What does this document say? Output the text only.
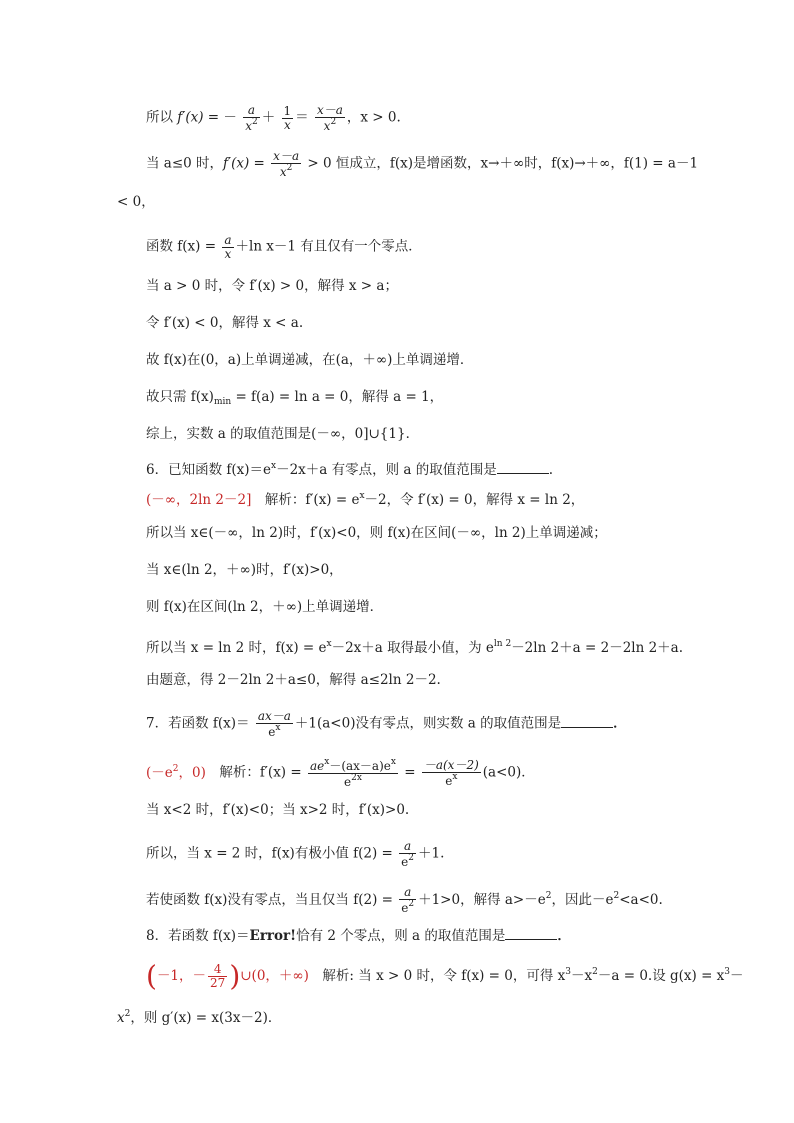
所以 f′(x) = － $\frac{a}{x^2} + \frac{1}{x} = \frac{x-a}{x^2}$ ，x > 0.
当 a≤0 时，$f'(x) = \frac{x-a}{x^2} > 0$ 恒成立，f(x)是增函数，x→＋∞时，f(x)→＋∞，f(1) = a－1
< 0，
函数 $f(x) = \frac{a}{x} +\ln$ x－1 有且仅有一个零点．
当 a > 0 时，令 f′(x) > 0，解得 x > a；
令 f′(x) < 0，解得 x < a.
故 f(x)在(0，a)上单调递减，在(a，＋∞)上单调递增．
故只需 $f(x)_{min} = f(a) = \ln a = 0$，解得 a = 1，
综上，实数 a 的取值范围是(－∞，0]∪{1}．
6．已知函数 $f(x)=e^x-2x+a$ 有零点，则 a 的取值范围是	.
(－∞，2ln 2－2]　解析：$f'(x) = e^x-2$，令 f′(x) = 0，解得 x = ln 2，
所以当 x∈(－∞，ln 2)时，f′(x)<0，则 f(x)在区间(－∞，ln 2)上单调递减；
当 x∈(ln 2，＋∞)时，f′(x)>0，
则 f(x)在区间(ln 2，＋∞)上单调递增．
所以当 x = ln 2 时，$f(x) = e^x-2x+a$ 取得最小值，为 $e^{ln 2}-2\ln$ 2＋a = 2－2ln 2＋a.
由题意，得 2－2ln 2＋a≤0，解得 a≤2ln 2－2.
7．若函数 $f(x)= \frac{ax-a}{e^x} +1(a<0)$没有零点，则实数 a 的取值范围是	．
($-e^2$，0)　解析：$f'(x) = \frac{ae^x-(ax-a)e^x}{e^{2x}} = \frac{-a(x-2)}{e^x} (a<0)$．
当 x<2 时，f′(x)<0；当 x>2 时，f′(x)>0.
所以，当 x = 2 时，f(x)有极小值 $f(2) = \frac{a}{e^2} +1$.
若使函数 f(x)没有零点，当且仅当 $f(2) = \frac{a}{e^2} +1>0$，解得 $a>-e^2$，因此$-e^2<a<0$.
8．若函数 f(x)＝Error!恰有 2 个零点，则 a 的取值范围是	．
(－1，－ $\frac{4}{27}$ )∪(0，＋∞)　解析: 当 x > 0 时，令 f(x) = 0，可得 $x^3-x^2-a = 0$.设 $g(x) = x^3-$
$x^2$，则 g′(x) = x(3x－2)．
